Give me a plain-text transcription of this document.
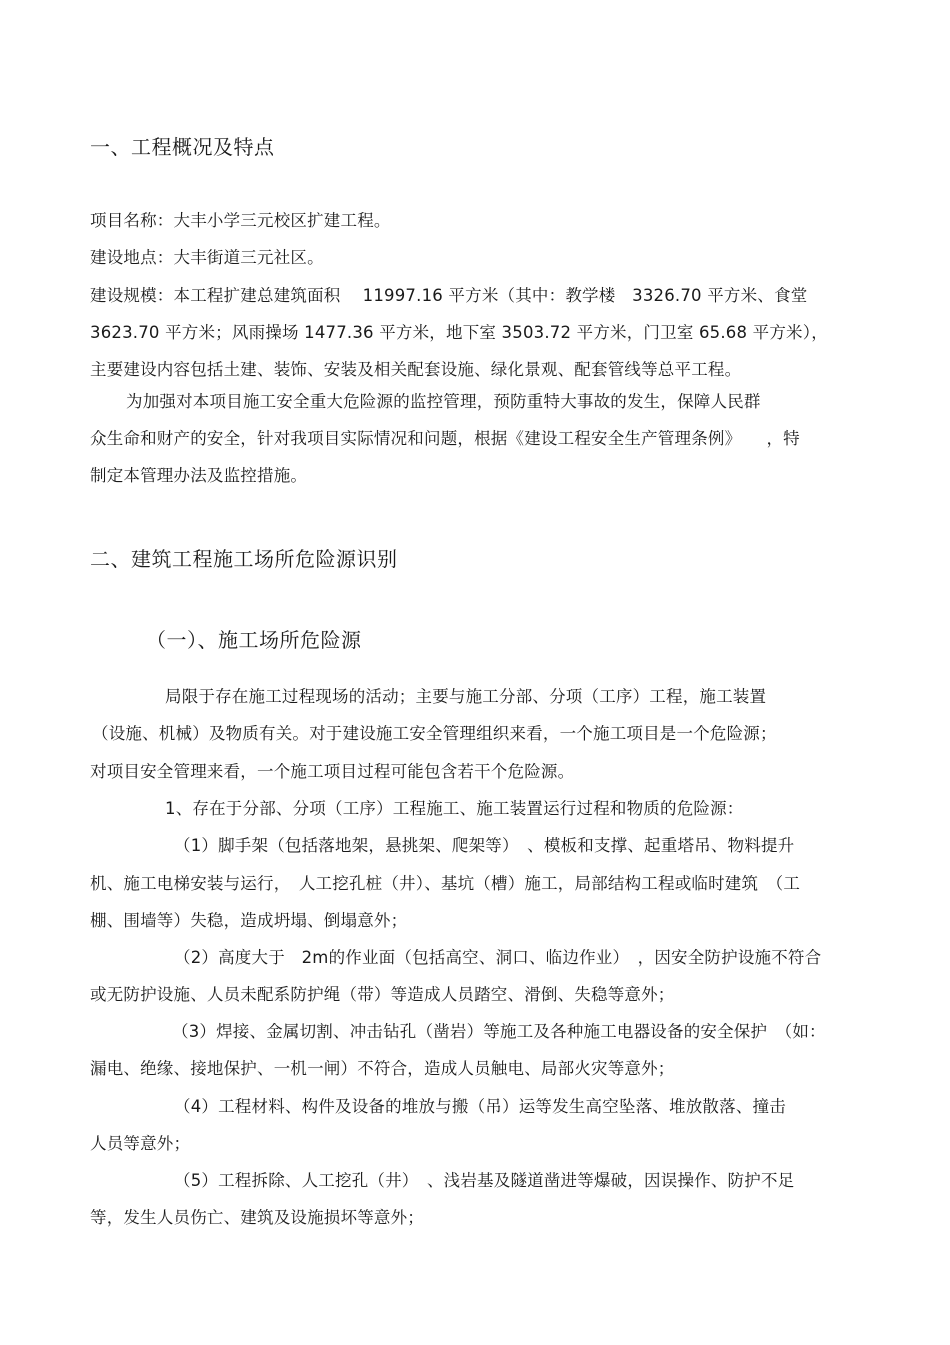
一、工程概况及特点
项目名称：大丰小学三元校区扩建工程。
建设地点：大丰街道三元社区。
建设规模：本工程扩建总建筑面积　 11997.16 平方米（其中：教学楼　3326.70 平方米、食堂
3623.70 平方米；风雨操场 1477.36 平方米，地下室 3503.72 平方米，门卫室 65.68 平方米），
主要建设内容包括土建、装饰、安装及相关配套设施、绿化景观、配套管线等总平工程。
为加强对本项目施工安全重大危险源的监控管理，预防重特大事故的发生，保障人民群
众生命和财产的安全，针对我项目实际情况和问题，根据《建设工程安全生产管理条例》　　，特
制定本管理办法及监控措施。
二、建筑工程施工场所危险源识别
（一）、施工场所危险源
局限于存在施工过程现场的活动；主要与施工分部、分项（工序）工程，施工装置
（设施、机械）及物质有关。对于建设施工安全管理组织来看，一个施工项目是一个危险源；
对项目安全管理来看，一个施工项目过程可能包含若干个危险源。
1、存在于分部、分项（工序）工程施工、施工装置运行过程和物质的危险源：
（1）脚手架（包括落地架，悬挑架、爬架等）　、模板和支撑、起重塔吊、物料提升
机、施工电梯安装与运行，　人工挖孔桩（井）、基坑（槽）施工，局部结构工程或临时建筑　（工
棚、围墙等）失稳，造成坍塌、倒塌意外；
（2）高度大于　2m的作业面（包括高空、洞口、临边作业）　，因安全防护设施不符合
或无防护设施、人员未配系防护绳（带）等造成人员踏空、滑倒、失稳等意外；
（3）焊接、金属切割、冲击钻孔（凿岩）等施工及各种施工电器设备的安全保护　（如：
漏电、绝缘、接地保护、一机一闸）不符合，造成人员触电、局部火灾等意外；
（4）工程材料、构件及设备的堆放与搬（吊）运等发生高空坠落、堆放散落、撞击
人员等意外；
（5）工程拆除、人工挖孔（井）　、浅岩基及隧道凿进等爆破，因误操作、防护不足
等，发生人员伤亡、建筑及设施损坏等意外；
